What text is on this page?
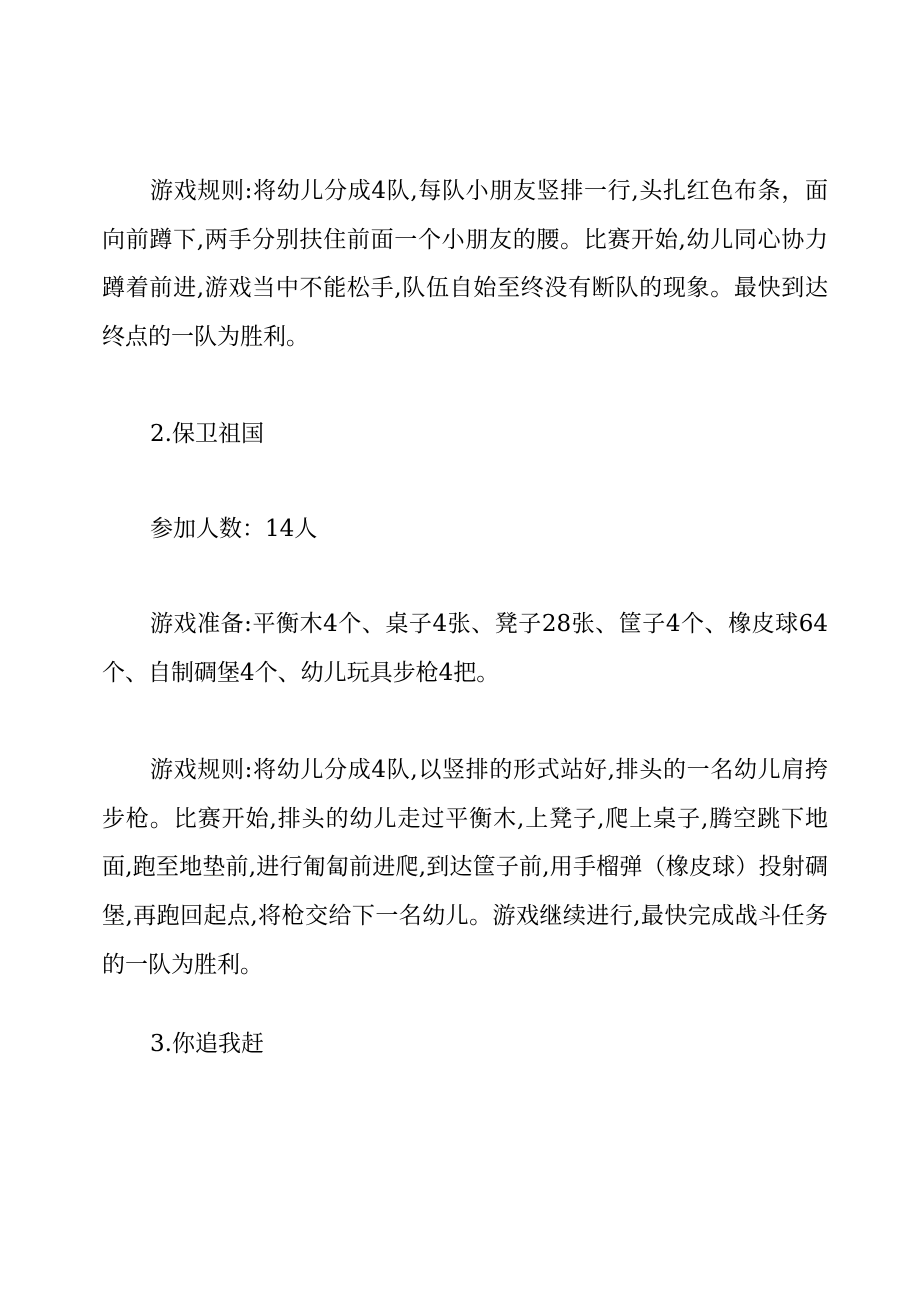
游戏规则:将幼儿分成4队,每队小朋友竖排一行,头扎红色布条，面向前蹲下,两手分别扶住前面一个小朋友的腰。比赛开始,幼儿同心协力蹲着前进,游戏当中不能松手,队伍自始至终没有断队的现象。最快到达终点的一队为胜利。

2.保卫祖国

参加人数：14人

游戏准备:平衡木4个、桌子4张、凳子28张、筐子4个、橡皮球64个、自制碉堡4个、幼儿玩具步枪4把。

游戏规则:将幼儿分成4队,以竖排的形式站好,排头的一名幼儿肩挎步枪。比赛开始,排头的幼儿走过平衡木,上凳子,爬上桌子,腾空跳下地面,跑至地垫前,进行匍匐前进爬,到达筐子前,用手榴弹（橡皮球）投射碉堡,再跑回起点,将枪交给下一名幼儿。游戏继续进行,最快完成战斗任务的一队为胜利。

3.你追我赶
